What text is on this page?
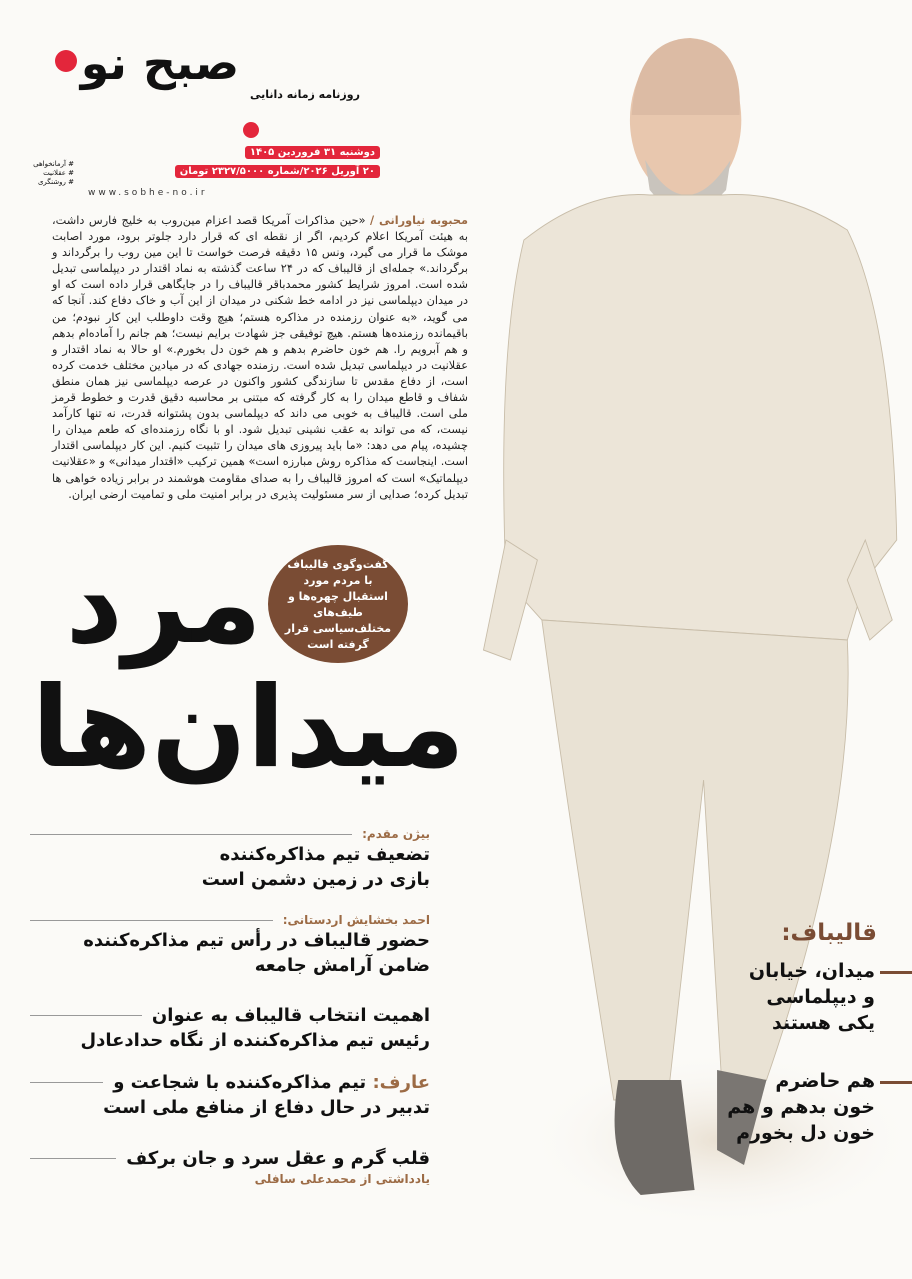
صبح نو
روزنامه زمانه دانایی
دوشنبه ۳۱ فروردین ۱۴۰۵
۲۰ آوریل ۲۰۲۶/شماره ۲۳۲۷/۵۰۰۰ تومان
www.sobhe-no.ir
# آرمانخواهی
# عقلانیت
# روشنگری
محبوبه نیاورانی / «حین مذاکرات آمریکا قصد اعزام مین‌روب به خلیج فارس داشت، به هیئت آمریکا اعلام کردیم، اگر از نقطه ای که قرار دارد جلوتر برود، مورد اصابت موشک ما قرار می گیرد، ونس ۱۵ دقیقه فرصت خواست تا این مین روب را برگرداند و برگرداند.» جمله‌ای از قالیباف که در ۲۴ ساعت گذشته به نماد اقتدار در دیپلماسی تبدیل شده است. امروز شرایط کشور محمدباقر قالیباف را در جایگاهی قرار داده است که او در میدان دیپلماسی نیز در ادامه خط شکنی در میدان از این آب و خاک دفاع کند. آنجا که می گوید، «به عنوان رزمنده در مذاکره هستم؛ هیچ وقت داوطلب این کار نبودم؛ من باقیمانده رزمنده‌ها هستم. هیچ توفیقی جز شهادت برایم نیست؛ هم جانم را آماده‌ام بدهم و هم آبرویم را. هم خون حاضرم بدهم و هم خون دل بخورم.» او حالا به نماد اقتدار و عقلانیت در دیپلماسی تبدیل شده است. رزمنده جهادی که در میادین مختلف خدمت کرده است، از دفاع مقدس تا سازندگی کشور واکنون در عرصه دیپلماسی نیز همان منطق شفاف و قاطع میدان را به کار گرفته که مبتنی بر محاسبه دقیق قدرت و خطوط قرمز ملی است. قالیباف به خوبی می داند که دیپلماسی بدون پشتوانه قدرت، نه تنها کارآمد نیست، که می تواند به عقب نشینی تبدیل شود. او با نگاه رزمنده‌ای که طعم میدان را چشیده، پیام می دهد: «ما باید پیروزی های میدان را تثبیت کنیم. این کار دیپلماسی اقتدار است. اینجاست که مذاکره روش مبارزه است» همین ترکیب «اقتدار میدانی» و «عقلانیت دیپلماتیک» است که امروز قالیباف را به صدای مقاومت هوشمند در برابر زیاده خواهی ها تبدیل کرده؛ صدایی از سر مسئولیت پذیری در برابر امنیت ملی و تمامیت ارضی ایران.
مرد
میدان‌ها
گفت‌وگوی قالیباف با مردم مورد استقبال چهره‌ها و طیف‌های مختلف‌سیاسی قرار گرفته است
بیژن مقدم:
تضعیف تیم مذاکره‌کننده
بازی در زمین دشمن است
احمد بخشایش اردستانی:
حضور قالیباف در رأس تیم مذاکره‌کننده
ضامن آرامش جامعه
اهمیت انتخاب قالیباف به عنوان
رئیس تیم مذاکره‌کننده از نگاه حدادعادل
عارف: تیم مذاکره‌کننده با شجاعت و
تدبیر در حال دفاع از منافع ملی است
قلب گرم و عقل سرد و جان برکف
یادداشتی از محمدعلی سافلی
قالیباف:
میدان، خیابان
و دیپلماسی
یکی هستند
هم حاضرم
خون بدهم و هم
خون دل بخورم
